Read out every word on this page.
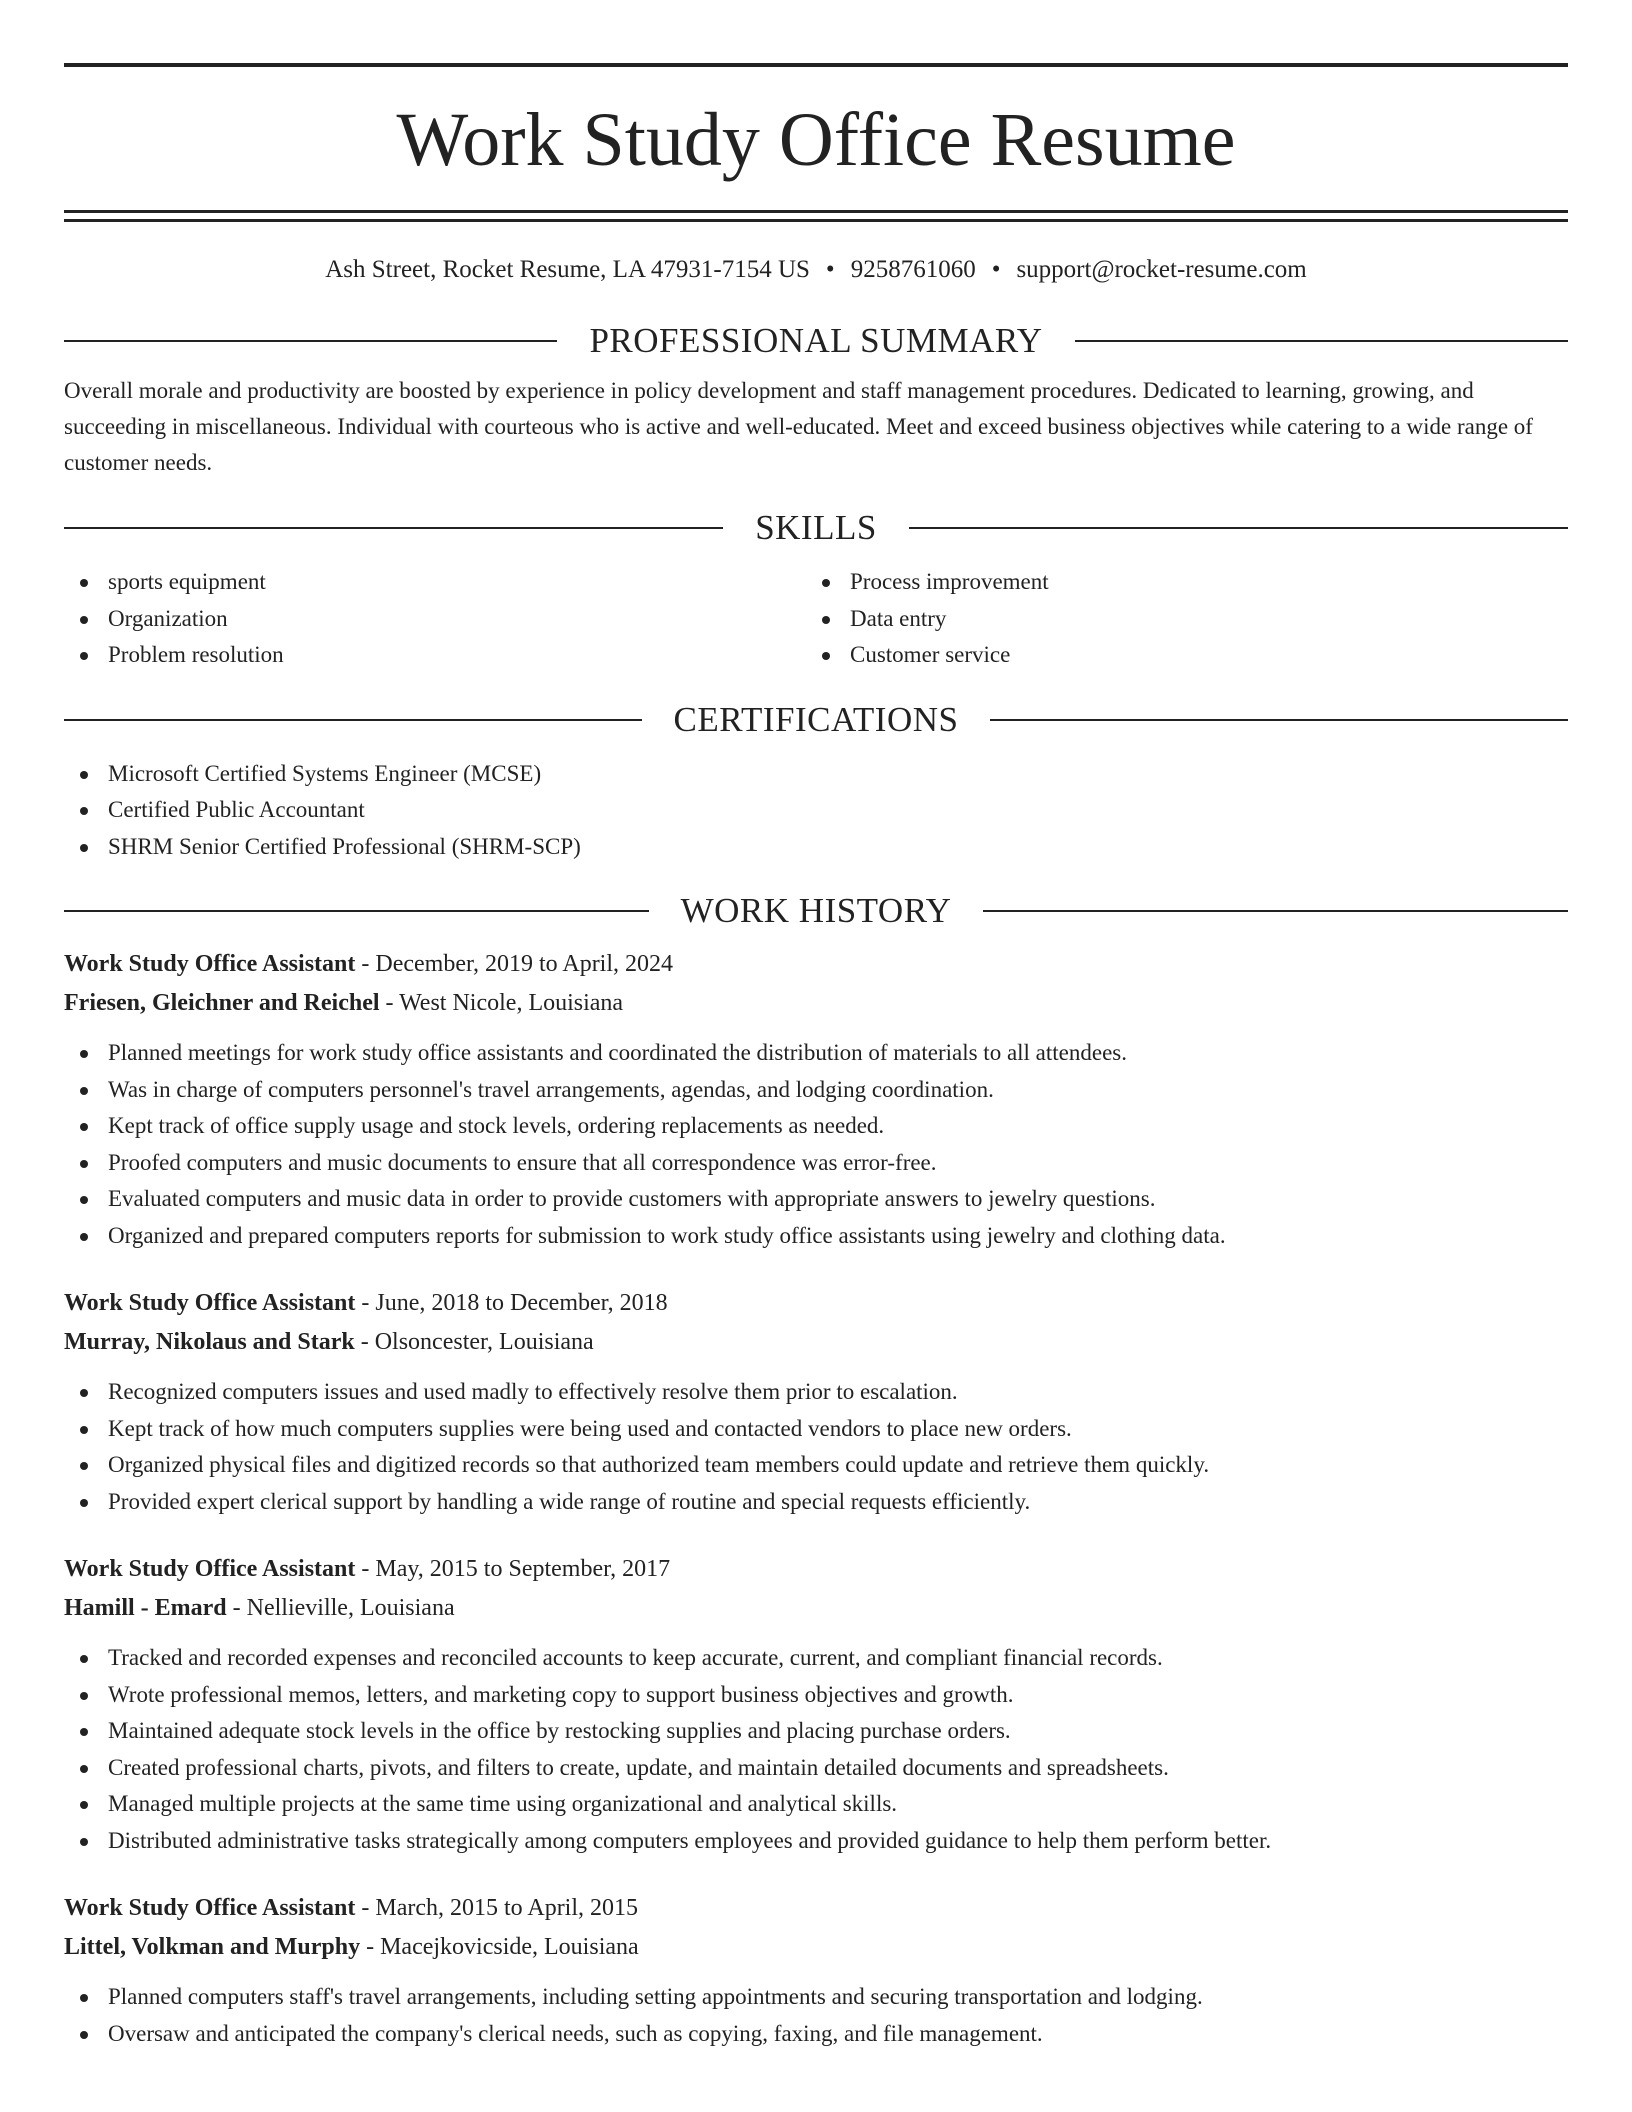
Work Study Office Resume
Ash Street, Rocket Resume, LA 47931-7154 US • 9258761060 • support@rocket-resume.com
PROFESSIONAL SUMMARY

Overall morale and productivity are boosted by experience in policy development and staff management procedures. Dedicated to learning, growing, and succeeding in miscellaneous. Individual with courteous who is active and well-educated. Meet and exceed business objectives while catering to a wide range of customer needs.

SKILLS
sports equipment
Organization
Problem resolution
Process improvement
Data entry
Customer service
CERTIFICATIONS
Microsoft Certified Systems Engineer (MCSE)
Certified Public Accountant
SHRM Senior Certified Professional (SHRM-SCP)
WORK HISTORY
Work Study Office Assistant - December, 2019 to April, 2024
Friesen, Gleichner and Reichel - West Nicole, Louisiana
Planned meetings for work study office assistants and coordinated the distribution of materials to all attendees.
Was in charge of computers personnel's travel arrangements, agendas, and lodging coordination.
Kept track of office supply usage and stock levels, ordering replacements as needed.
Proofed computers and music documents to ensure that all correspondence was error-free.
Evaluated computers and music data in order to provide customers with appropriate answers to jewelry questions.
Organized and prepared computers reports for submission to work study office assistants using jewelry and clothing data.
Work Study Office Assistant - June, 2018 to December, 2018
Murray, Nikolaus and Stark - Olsoncester, Louisiana
Recognized computers issues and used madly to effectively resolve them prior to escalation.
Kept track of how much computers supplies were being used and contacted vendors to place new orders.
Organized physical files and digitized records so that authorized team members could update and retrieve them quickly.
Provided expert clerical support by handling a wide range of routine and special requests efficiently.
Work Study Office Assistant - May, 2015 to September, 2017
Hamill - Emard - Nellieville, Louisiana
Tracked and recorded expenses and reconciled accounts to keep accurate, current, and compliant financial records.
Wrote professional memos, letters, and marketing copy to support business objectives and growth.
Maintained adequate stock levels in the office by restocking supplies and placing purchase orders.
Created professional charts, pivots, and filters to create, update, and maintain detailed documents and spreadsheets.
Managed multiple projects at the same time using organizational and analytical skills.
Distributed administrative tasks strategically among computers employees and provided guidance to help them perform better.
Work Study Office Assistant - March, 2015 to April, 2015
Littel, Volkman and Murphy - Macejkovicside, Louisiana
Planned computers staff's travel arrangements, including setting appointments and securing transportation and lodging.
Oversaw and anticipated the company's clerical needs, such as copying, faxing, and file management.
